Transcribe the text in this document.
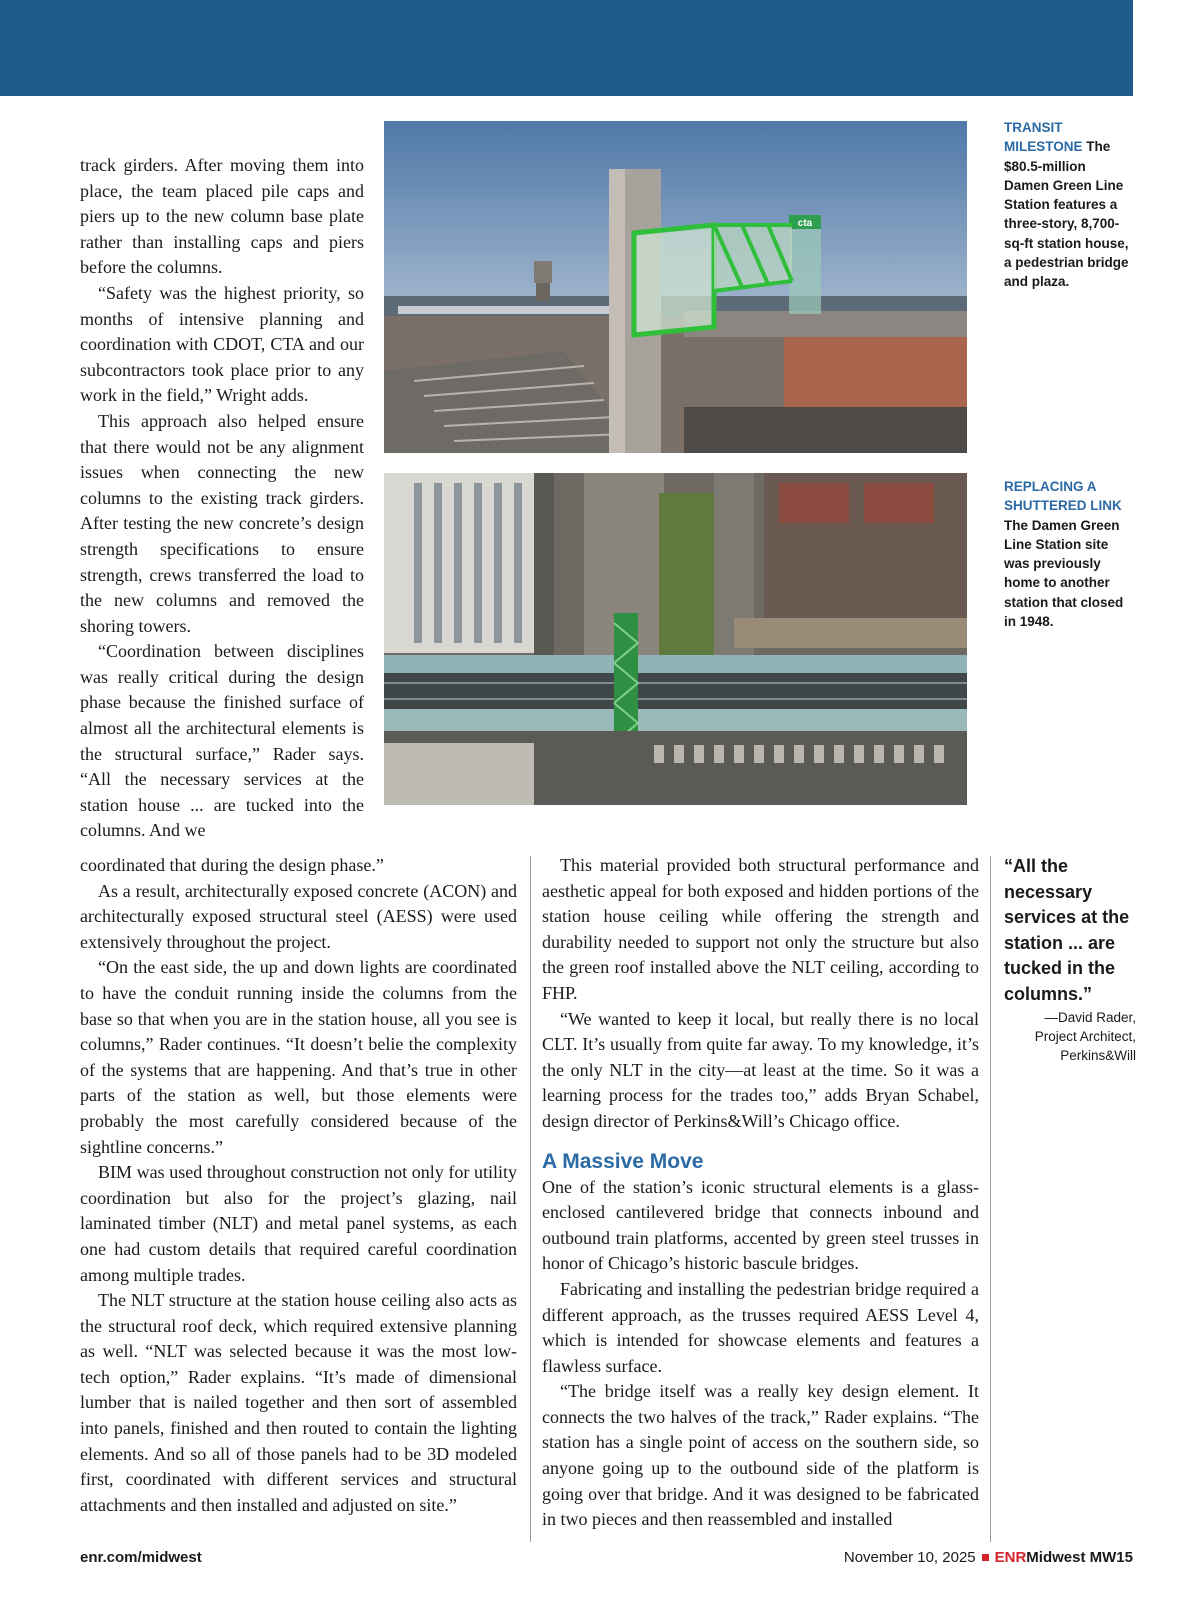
cta
TRANSIT MILESTONE The $80.5-million Damen Green Line Station features a three-story, 8,700-sq-ft station house, a pedestrian bridge and plaza.
REPLACING A SHUTTERED LINK The Damen Green Line Station site was previously home to another station that closed in 1948.

track girders. After moving them into place, the team placed pile caps and piers up to the new column base plate rather than installing caps and piers before the columns.

“Safety was the highest priority, so months of intensive planning and coordination with CDOT, CTA and our subcontractors took place prior to any work in the field,” Wright adds.

This approach also helped ensure that there would not be any alignment issues when connecting the new columns to the existing track girders. After testing the new concrete’s design strength specifications to ensure strength, crews transferred the load to the new columns and removed the shoring towers.

“Coordination between disciplines was really critical during the design phase because the finished surface of almost all the architectural elements is the structural surface,” Rader says. “All the necessary services at the station house ... are tucked into the columns. And we

coordinated that during the design phase.”

As a result, architecturally exposed concrete (ACON) and architecturally exposed structural steel (AESS) were used extensively throughout the project.

“On the east side, the up and down lights are coordinated to have the conduit running inside the columns from the base so that when you are in the station house, all you see is columns,” Rader continues. “It doesn’t belie the complexity of the systems that are happening. And that’s true in other parts of the station as well, but those elements were probably the most carefully considered because of the sightline concerns.”

BIM was used throughout construction not only for utility coordination but also for the project’s glazing, nail laminated timber (NLT) and metal panel systems, as each one had custom details that required careful coordination among multiple trades.

The NLT structure at the station house ceiling also acts as the structural roof deck, which required extensive planning as well. “NLT was selected because it was the most low-tech option,” Rader explains. “It’s made of dimensional lumber that is nailed together and then sort of assembled into panels, finished and then routed to contain the lighting elements. And so all of those panels had to be 3D modeled first, coordinated with different services and structural attachments and then installed and adjusted on site.”

This material provided both structural performance and aesthetic appeal for both exposed and hidden portions of the station house ceiling while offering the strength and durability needed to support not only the structure but also the green roof installed above the NLT ceiling, according to FHP.

“We wanted to keep it local, but really there is no local CLT. It’s usually from quite far away. To my knowledge, it’s the only NLT in the city—at least at the time. So it was a learning process for the trades too,” adds Bryan Schabel, design director of Perkins&Will’s Chicago office.

A Massive Move

One of the station’s iconic structural elements is a glass-enclosed cantilevered bridge that connects inbound and outbound train platforms, accented by green steel trusses in honor of Chicago’s historic bascule bridges.

Fabricating and installing the pedestrian bridge required a different approach, as the trusses required AESS Level 4, which is intended for showcase elements and features a flawless surface.

“The bridge itself was a really key design element. It connects the two halves of the track,” Rader explains. “The station has a single point of access on the southern side, so anyone going up to the outbound side of the platform is going over that bridge. And it was designed to be fabricated in two pieces and then reassembled and installed

“All the necessary services at the station ... are tucked in the columns.”
—David Rader,
Project Architect,
Perkins&Will
enr.com/midwest	November 10, 2025 ENRMidwest MW15
